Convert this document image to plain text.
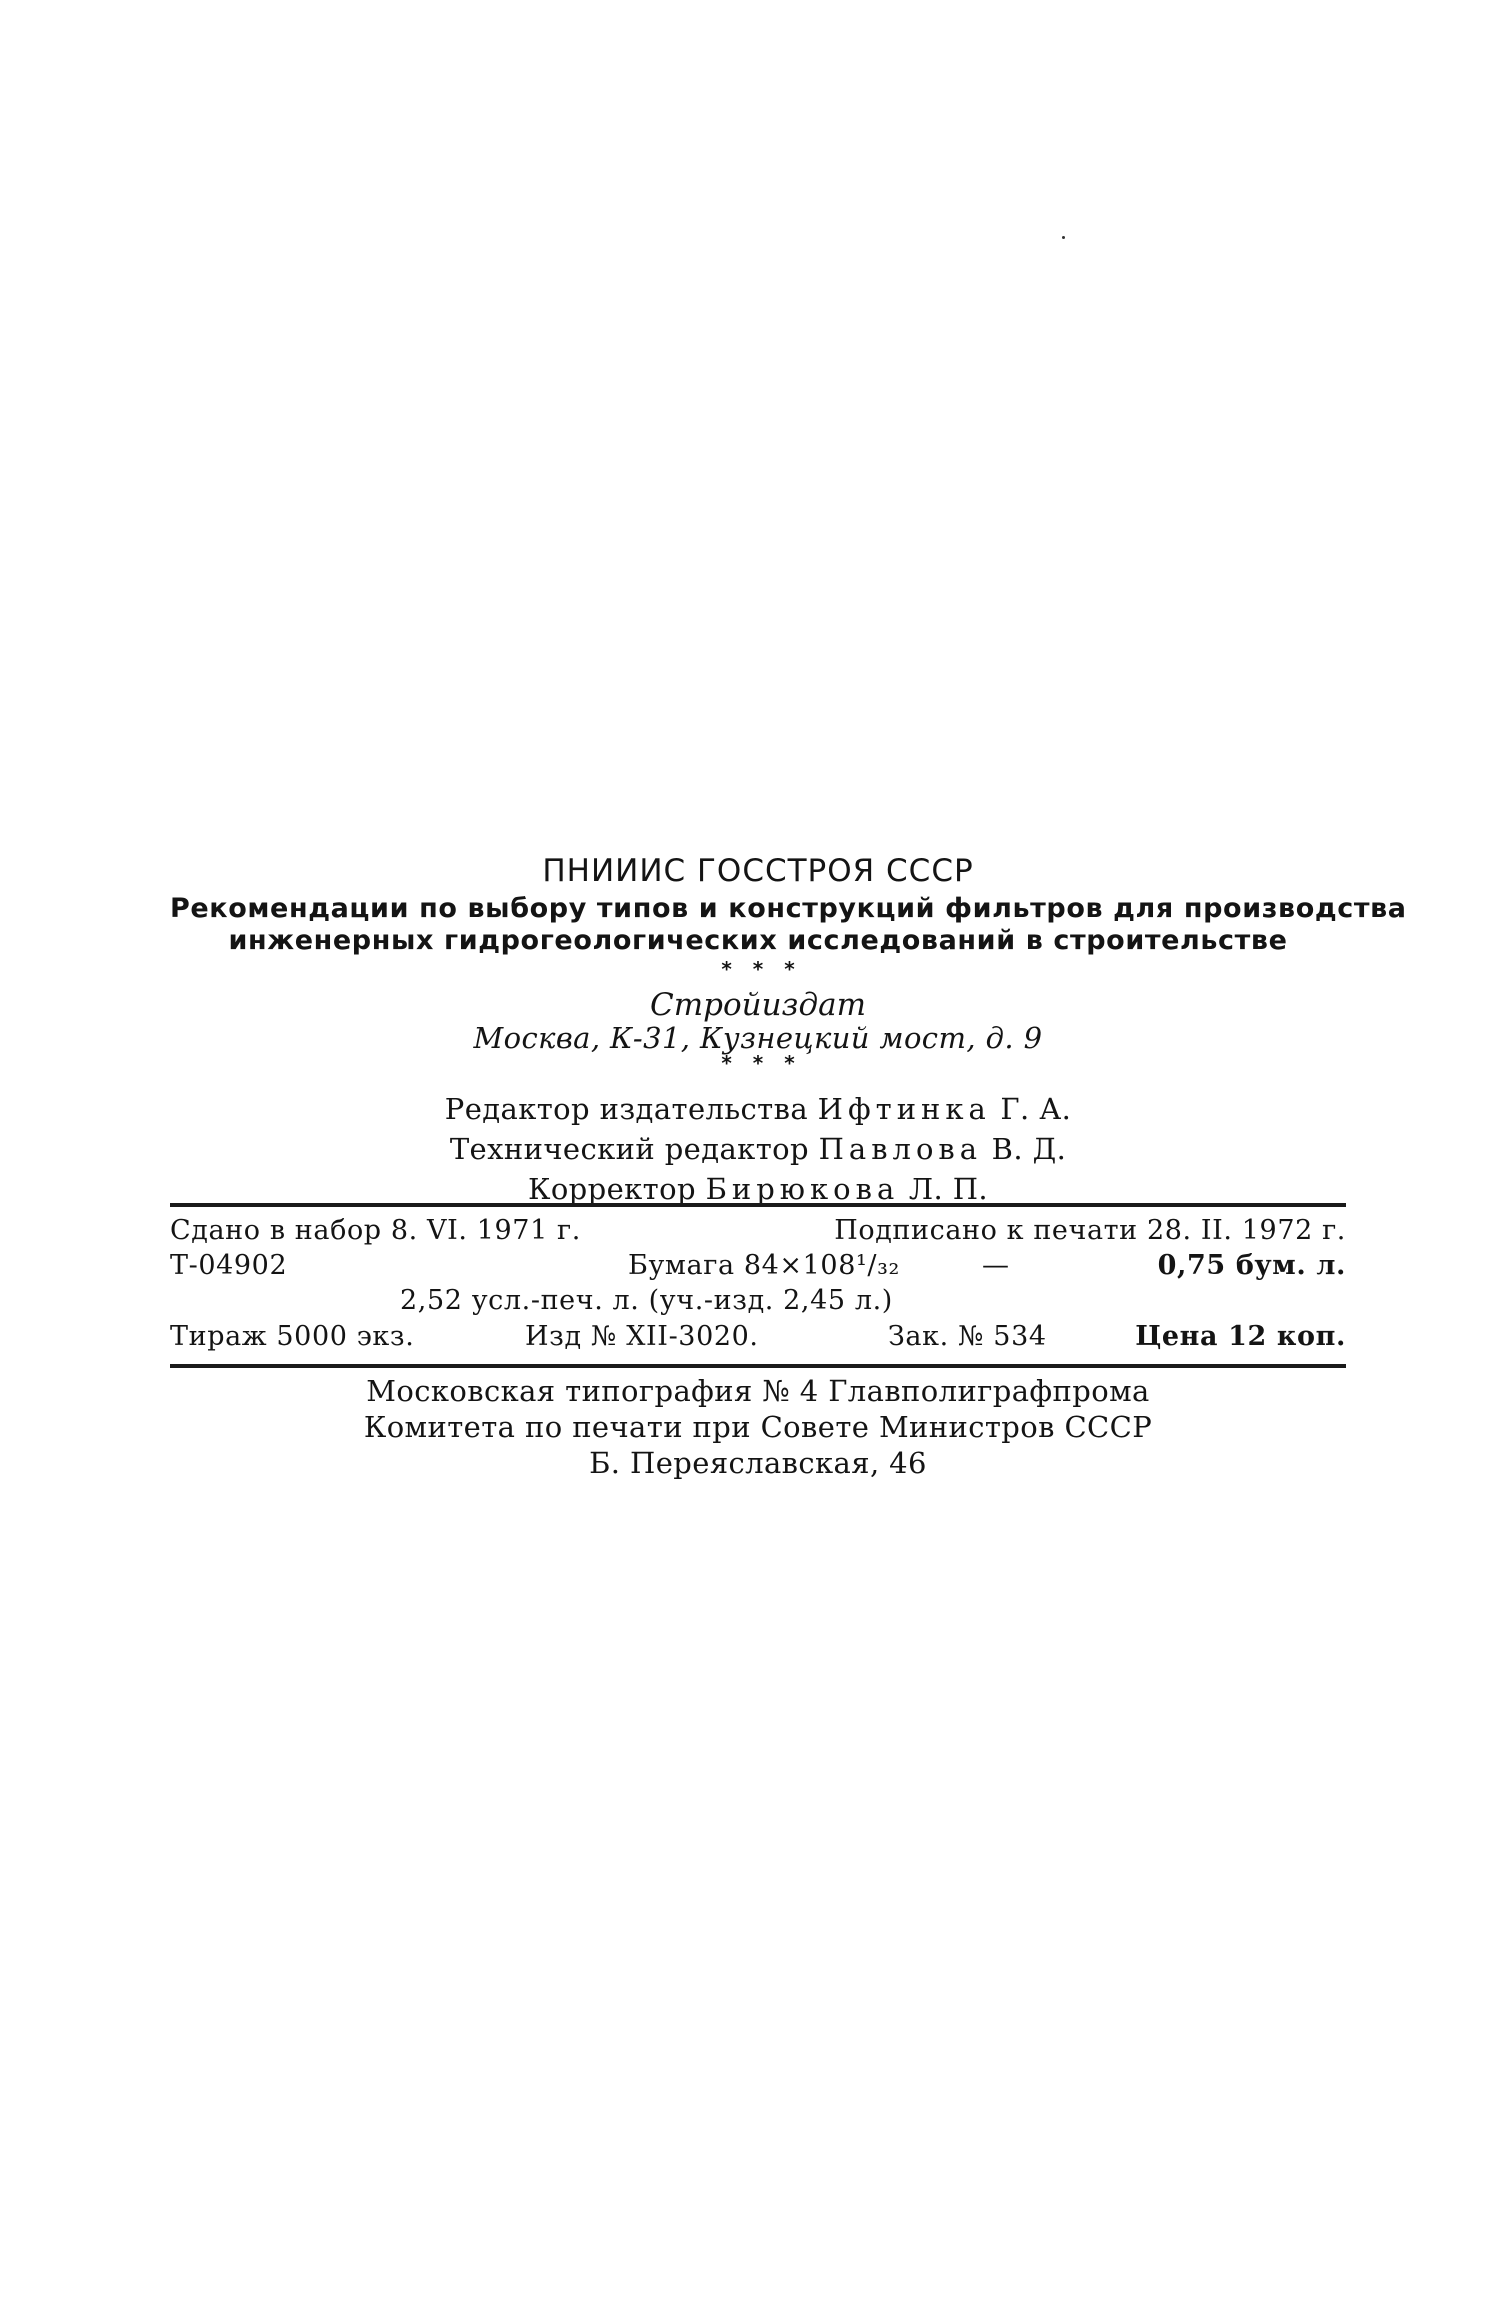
ПНИИИС ГОССТРОЯ СССР
Рекомендации по выбору типов и конструкций фильтров для производства
инженерных гидрогеологических исследований в строительстве
* * *
Стройиздат
Москва, К-31, Кузнецкий мост, д. 9
* * *
Редактор издательства Ифтинка Г. А.
Технический редактор Павлова В. Д.
Корректор Бирюкова Л. П.
Сдано в набор 8. VI. 1971 г.	Подписано к печати 28. II. 1972 г.
Т-04902	Бумага 84×108¹/₃₂	—	0,75 бум. л.
2,52 усл.-печ. л. (уч.-изд. 2,45 л.)
Тираж 5000 экз.	Изд № XII-3020.	Зак. № 534	Цена 12 коп.
Московская типография № 4 Главполиграфпрома
Комитета по печати при Совете Министров СССР
Б. Переяславская, 46
